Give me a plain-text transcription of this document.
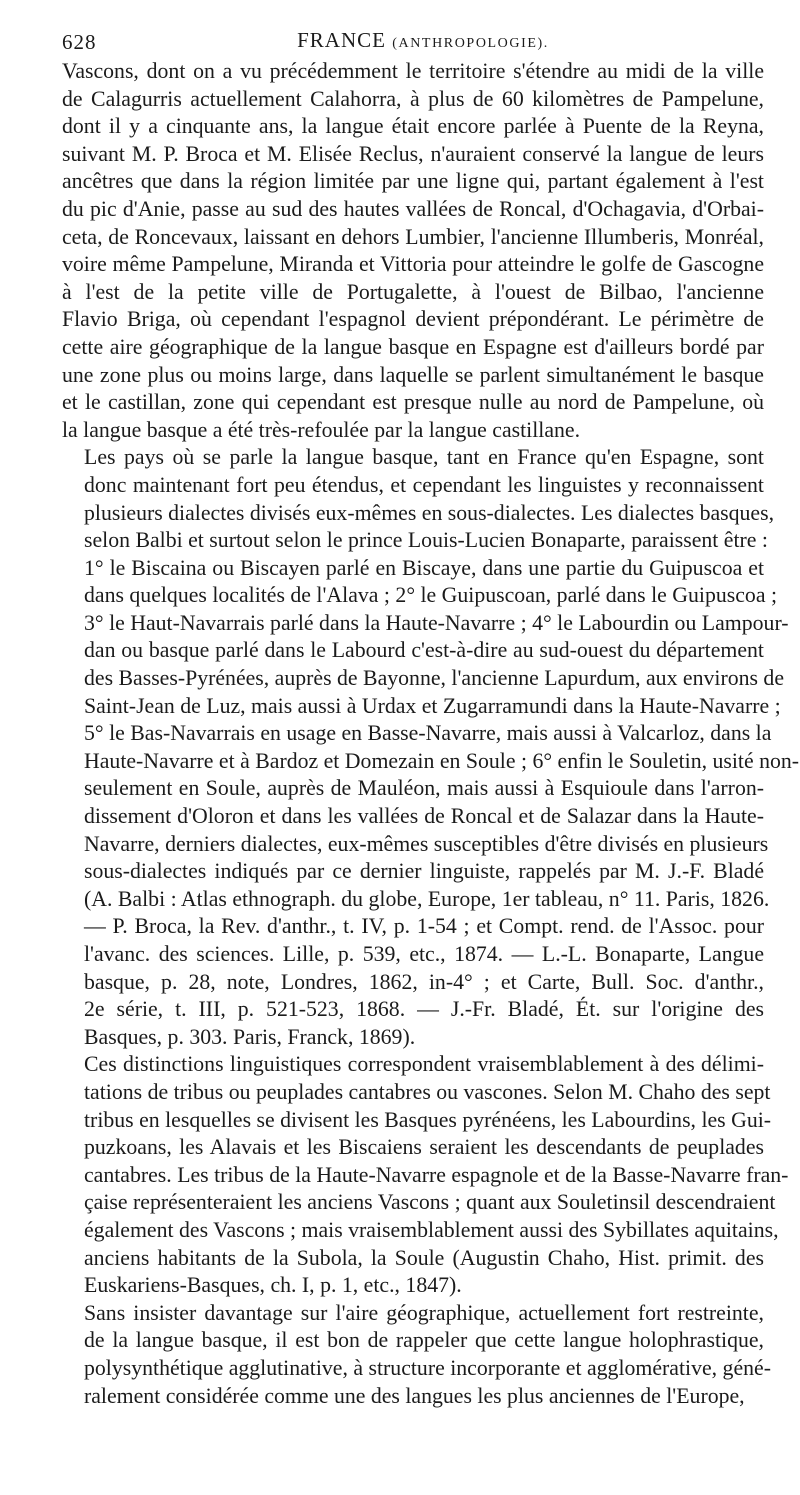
628	FRANCE (ANTHROPOLOGIE).
Vascons, dont on a vu précédemment le territoire s'étendre au midi de la ville
de Calagurris actuellement Calahorra, à plus de 60 kilomètres de Pampelune,
dont il y a cinquante ans, la langue était encore parlée à Puente de la Reyna,
suivant M. P. Broca et M. Elisée Reclus, n'auraient conservé la langue de leurs
ancêtres que dans la région limitée par une ligne qui, partant également à l'est
du pic d'Anie, passe au sud des hautes vallées de Roncal, d'Ochagavia, d'Orbai-
ceta, de Roncevaux, laissant en dehors Lumbier, l'ancienne Illumberis, Monréal,
voire même Pampelune, Miranda et Vittoria pour atteindre le golfe de Gascogne
à l'est de la petite ville de Portugalette, à l'ouest de Bilbao, l'ancienne
Flavio Briga, où cependant l'espagnol devient prépondérant. Le périmètre de
cette aire géographique de la langue basque en Espagne est d'ailleurs bordé par
une zone plus ou moins large, dans laquelle se parlent simultanément le basque
et le castillan, zone qui cependant est presque nulle au nord de Pampelune, où
la langue basque a été très-refoulée par la langue castillane.
Les pays où se parle la langue basque, tant en France qu'en Espagne, sont
donc maintenant fort peu étendus, et cependant les linguistes y reconnaissent
plusieurs dialectes divisés eux-mêmes en sous-dialectes. Les dialectes basques,
selon Balbi et surtout selon le prince Louis-Lucien Bonaparte, paraissent être :
1° le Biscaina ou Biscayen parlé en Biscaye, dans une partie du Guipuscoa et
dans quelques localités de l'Alava ; 2° le Guipuscoan, parlé dans le Guipuscoa ;
3° le Haut-Navarrais parlé dans la Haute-Navarre ; 4° le Labourdin ou Lampour-
dan ou basque parlé dans le Labourd c'est-à-dire au sud-ouest du département
des Basses-Pyrénées, auprès de Bayonne, l'ancienne Lapurdum, aux environs de
Saint-Jean de Luz, mais aussi à Urdax et Zugarramundi dans la Haute-Navarre ;
5° le Bas-Navarrais en usage en Basse-Navarre, mais aussi à Valcarloz, dans la
Haute-Navarre et à Bardoz et Domezain en Soule ; 6° enfin le Souletin, usité non-
seulement en Soule, auprès de Mauléon, mais aussi à Esquioule dans l'arron-
dissement d'Oloron et dans les vallées de Roncal et de Salazar dans la Haute-
Navarre, derniers dialectes, eux-mêmes susceptibles d'être divisés en plusieurs
sous-dialectes indiqués par ce dernier linguiste, rappelés par M. J.-F. Bladé
(A. Balbi : Atlas ethnograph. du globe, Europe, 1er tableau, n° 11. Paris, 1826.
— P. Broca, la Rev. d'anthr., t. IV, p. 1-54 ; et Compt. rend. de l'Assoc. pour
l'avanc. des sciences. Lille, p. 539, etc., 1874. — L.-L. Bonaparte, Langue
basque, p. 28, note, Londres, 1862, in-4° ; et Carte, Bull. Soc. d'anthr.,
2e série, t. III, p. 521-523, 1868. — J.-Fr. Bladé, Ét. sur l'origine des
Basques, p. 303. Paris, Franck, 1869).
Ces distinctions linguistiques correspondent vraisemblablement à des délimi-
tations de tribus ou peuplades cantabres ou vascones. Selon M. Chaho des sept
tribus en lesquelles se divisent les Basques pyrénéens, les Labourdins, les Gui-
puzkoans, les Alavais et les Biscaiens seraient les descendants de peuplades
cantabres. Les tribus de la Haute-Navarre espagnole et de la Basse-Navarre fran-
çaise représenteraient les anciens Vascons ; quant aux Souletinsil descendraient
également des Vascons ; mais vraisemblablement aussi des Sybillates aquitains,
anciens habitants de la Subola, la Soule (Augustin Chaho, Hist. primit. des
Euskariens-Basques, ch. I, p. 1, etc., 1847).
Sans insister davantage sur l'aire géographique, actuellement fort restreinte,
de la langue basque, il est bon de rappeler que cette langue holophrastique,
polysynthétique agglutinative, à structure incorporante et agglomérative, géné-
ralement considérée comme une des langues les plus anciennes de l'Europe,
